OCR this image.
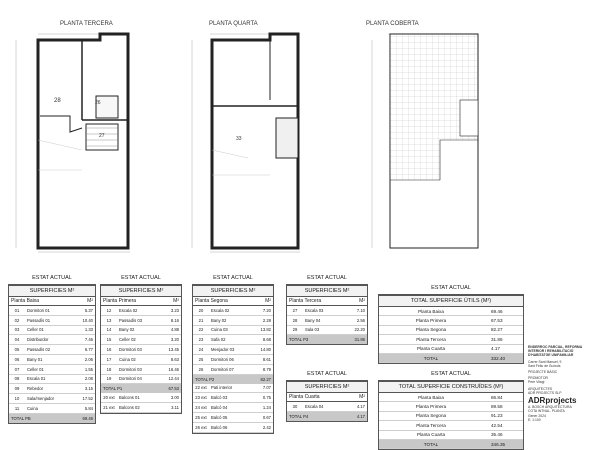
PLANTA TERCERA
28	26
27
PLANTA QUARTA
33
PLANTA COBERTA
ESTAT ACTUAL
SUPERFICIES M²
Planta Baixa	M²
01	Dormitori 01	5.37
02	Passadís 01	10.40
03	Celler 01	1.33
04	Distribuïdor	7.46
05	Passadís 02	6.77
06	Bany 01	2.06
07	Celler 01	1.55
08	Escala 01	2.08
09	Rebedor	3.15
10	Sala/menjador	17.52
11	Cuina	5.84
TOTAL PB	69.46
ESTAT ACTUAL
SUPERFICIES M²
Planta Primera	M²
12	Escala 02	3.23
13	Passadís 03	8.16
14	Bany 02	4.88
15	Celler 02	3.20
16	Dormitori 03	13.45
17	Cuina 02	8.63
18	Dormitori 03	16.46
19	Dormitori 04	12.44
TOTAL P1	67.53
20 ext	Balcons 01	3.00
21 ext	Balcons 02	3.11
ESTAT ACTUAL
SUPERFICIES M²
Planta Segona	M²
20	Escala 02	7.20
21	Bany 02	2.28
22	Cuina 03	13.82
23	Safa 02	8.68
24	Menjador 03	14.80
25	Dormitori 06	8.61
26	Dormitori 07	8.79
TOTAL P2	82.27
22 ext	Pati interior	7.07
23 ext	Balcó 03	0.75
24 ext	Balcó 04	1.24
25 ext	Balcó 05	0.67
26 ext	Balcó 06	2.42
ESTAT ACTUAL
SUPERFICIES M²
Planta Tercera	M²
27	Escala 03	7.10
28	Bany 04	2.56
29	Sala 03	22.20
TOTAL P3	31.86
ESTAT ACTUAL
SUPERFICIES M²
Planta Cuarta	M²
30	Escala 04	4.17
TOTAL P4	4.17
ESTAT ACTUAL
TOTAL SUPERFICIE ÚTILS (M²)
Planta Baixa	69.46
Planta Primera	67.53
Planta Segona	82.27
Planta Tercera	31.86
Planta Cuarta	4.17
TOTAL	332.40
ESTAT ACTUAL
TOTAL SUPERFICIE CONSTRUÏDES (M²)
Planta Baixa	86.84
Planta Primera	89.58
Planta Segona	91.23
Planta Tercera	42.54
Planta Cuarta	35.46
TOTAL	346.35
ENDERROC PARCIAL, REFORMA
INTERIOR I REHABILITACIÓ
D'HABITATGE UNIFAMILIAR
Carrer Sant Manuel, 9
Sant Feliu de Guíxols
PROJECTE BÀSIC
PROMOTOR
Pere Vilagi
ARQUITECTES
ADR PROJECTS SLP
ADRprojects
A. BOSCH ARQUITECTURA
COTA INTNAL. PLANTA
Gener 2024
E: 1:100
